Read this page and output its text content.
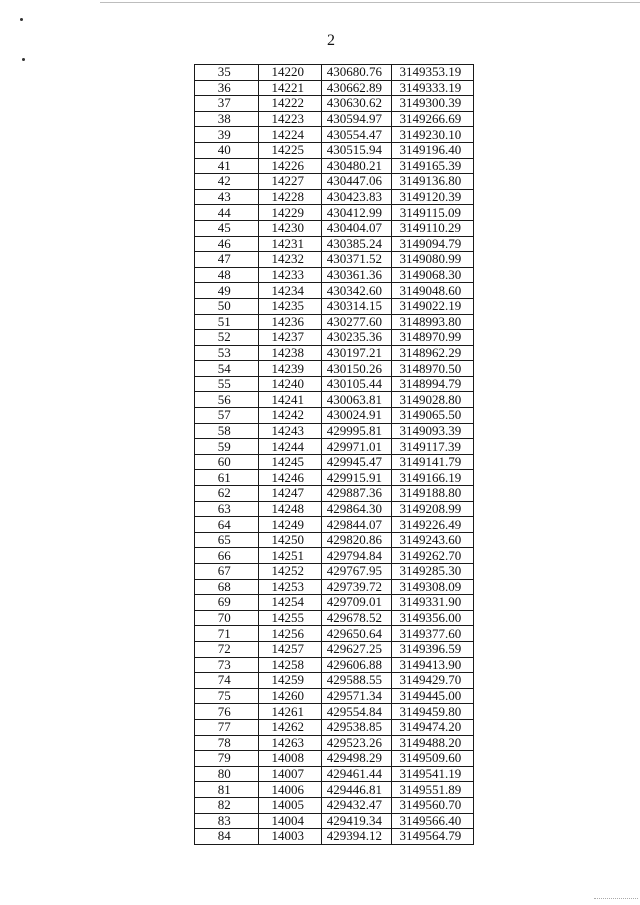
2
35	14220	430680.76	3149353.19
36	14221	430662.89	3149333.19
37	14222	430630.62	3149300.39
38	14223	430594.97	3149266.69
39	14224	430554.47	3149230.10
40	14225	430515.94	3149196.40
41	14226	430480.21	3149165.39
42	14227	430447.06	3149136.80
43	14228	430423.83	3149120.39
44	14229	430412.99	3149115.09
45	14230	430404.07	3149110.29
46	14231	430385.24	3149094.79
47	14232	430371.52	3149080.99
48	14233	430361.36	3149068.30
49	14234	430342.60	3149048.60
50	14235	430314.15	3149022.19
51	14236	430277.60	3148993.80
52	14237	430235.36	3148970.99
53	14238	430197.21	3148962.29
54	14239	430150.26	3148970.50
55	14240	430105.44	3148994.79
56	14241	430063.81	3149028.80
57	14242	430024.91	3149065.50
58	14243	429995.81	3149093.39
59	14244	429971.01	3149117.39
60	14245	429945.47	3149141.79
61	14246	429915.91	3149166.19
62	14247	429887.36	3149188.80
63	14248	429864.30	3149208.99
64	14249	429844.07	3149226.49
65	14250	429820.86	3149243.60
66	14251	429794.84	3149262.70
67	14252	429767.95	3149285.30
68	14253	429739.72	3149308.09
69	14254	429709.01	3149331.90
70	14255	429678.52	3149356.00
71	14256	429650.64	3149377.60
72	14257	429627.25	3149396.59
73	14258	429606.88	3149413.90
74	14259	429588.55	3149429.70
75	14260	429571.34	3149445.00
76	14261	429554.84	3149459.80
77	14262	429538.85	3149474.20
78	14263	429523.26	3149488.20
79	14008	429498.29	3149509.60
80	14007	429461.44	3149541.19
81	14006	429446.81	3149551.89
82	14005	429432.47	3149560.70
83	14004	429419.34	3149566.40
84	14003	429394.12	3149564.79
